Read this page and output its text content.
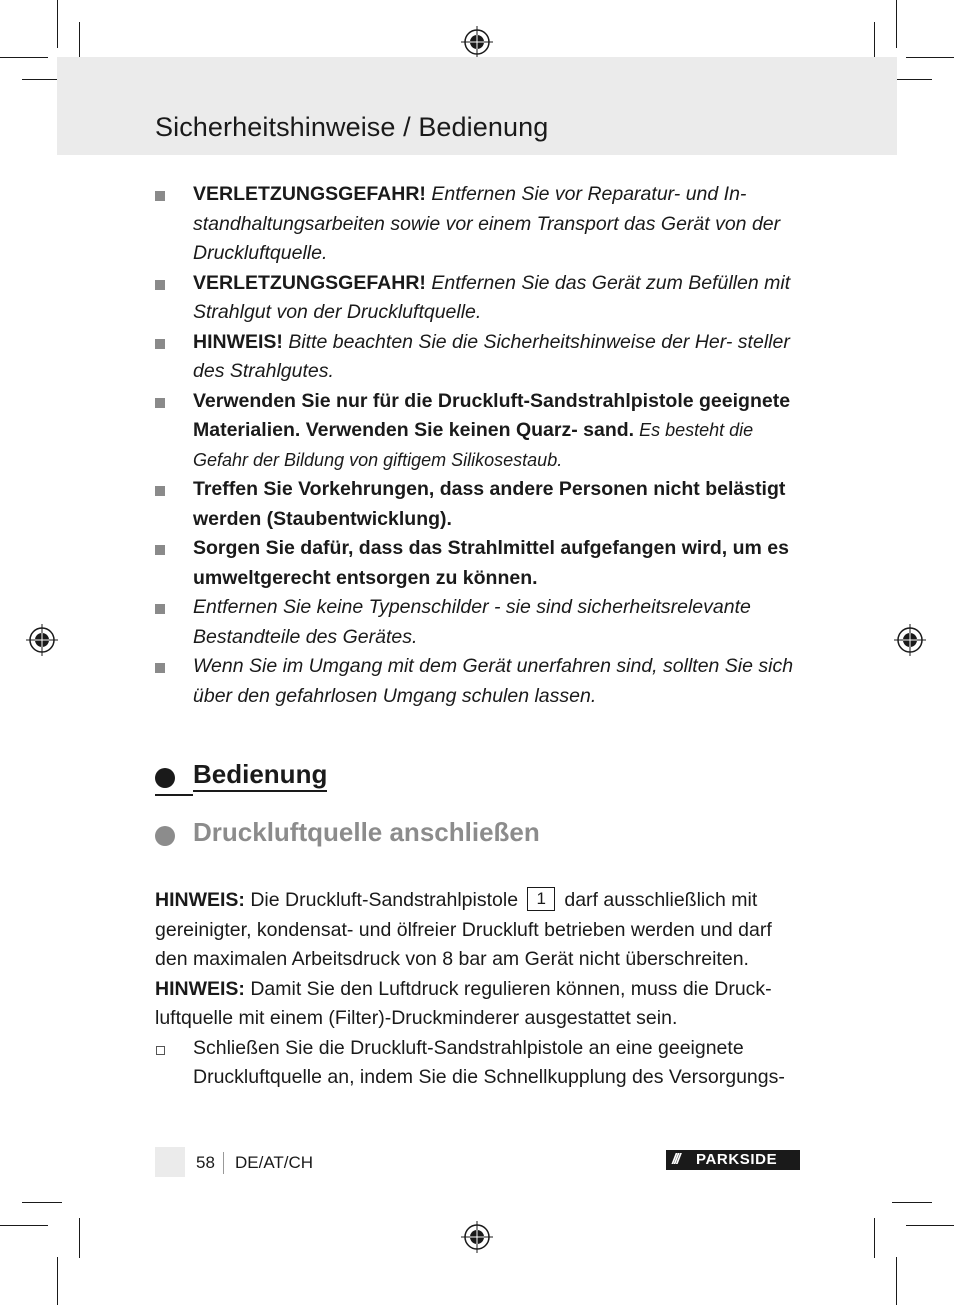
Sicherheitshinweise / Bedienung
VERLETZUNGSGEFAHR! Entfernen Sie vor Reparatur- und In- standhaltungsarbeiten sowie vor einem Transport das Gerät von der Druckluftquelle.
VERLETZUNGSGEFAHR! Entfernen Sie das Gerät zum Befüllen mit Strahlgut von der Druckluftquelle.
HINWEIS! Bitte beachten Sie die Sicherheitshinweise der Her- steller des Strahlgutes.
Verwenden Sie nur für die Druckluft-Sandstrahlpistole geeignete Materialien. Verwenden Sie keinen Quarz- sand. Es besteht die Gefahr der Bildung von giftigem Silikosestaub.
Treffen Sie Vorkehrungen, dass andere Personen nicht belästigt werden (Staubentwicklung).
Sorgen Sie dafür, dass das Strahlmittel aufgefangen wird, um es umweltgerecht entsorgen zu können.
Entfernen Sie keine Typenschilder - sie sind sicherheitsrelevante Bestandteile des Gerätes.
Wenn Sie im Umgang mit dem Gerät unerfahren sind, sollten Sie sich über den gefahrlosen Umgang schulen lassen.
Bedienung
Druckluftquelle anschließen

HINWEIS: Die Druckluft-Sandstrahlpistole 1 darf ausschließlich mit gereinigter, kondensat- und ölfreier Druckluft betrieben werden und darf den maximalen Arbeitsdruck von 8 bar am Gerät nicht überschreiten.

HINWEIS: Damit Sie den Luftdruck regulieren können, muss die Druck- luftquelle mit einem (Filter)-Druckminderer ausgestattet sein.

Schließen Sie die Druckluft-Sandstrahlpistole an eine geeignete Druckluftquelle an, indem Sie die Schnellkupplung des Versorgungs-
58 DE/AT/CH	///	PARKSIDE
